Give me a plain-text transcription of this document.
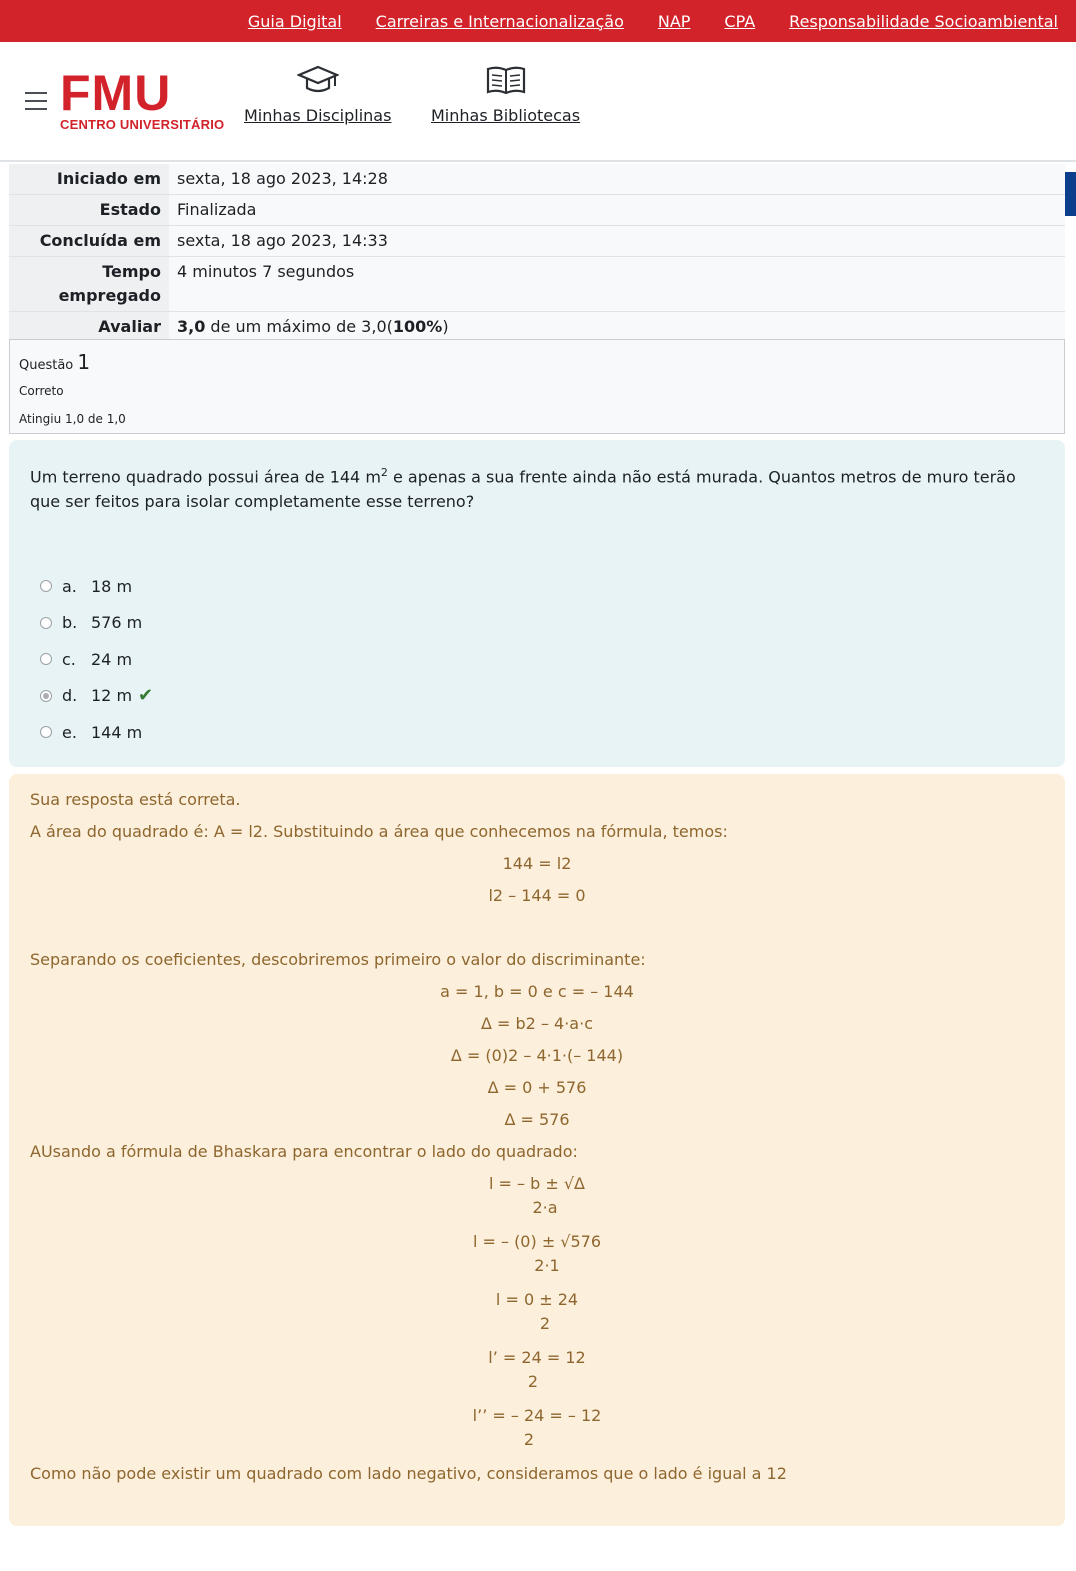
Guia Digital Carreiras e Internacionalização NAP CPA Responsabilidade Socioambiental
FMU
CENTRO UNIVERSITÁRIO Minhas Disciplinas Minhas Bibliotecas
Iniciado em	sexta, 18 ago 2023, 14:28
Estado	Finalizada
Concluída em	sexta, 18 ago 2023, 14:33
Tempo empregado	4 minutos 7 segundos
Avaliar	3,0 de um máximo de 3,0(100%)
Questão 1
Correto
Atingiu 1,0 de 1,0
Um terreno quadrado possui área de 144 $m^2$ e apenas a sua frente ainda não está murada. Quantos metros de muro terão que ser feitos para isolar completamente esse terreno?
a. 18 m
b. 576 m
c. 24 m
d. 12 m ✔
e. 144 m

Sua resposta está correta.

A área do quadrado é: A = l2. Substituindo a área que conhecemos na fórmula, temos:

144 = l2
l2 – 144 = 0

Separando os coeficientes, descobriremos primeiro o valor do discriminante:

a = 1, b = 0 e c = – 144
Δ = b2 – 4·a·c
Δ = (0)2 – 4·1·(– 144)
Δ = 0 + 576
Δ = 576

AUsando a fórmula de Bhaskara para encontrar o lado do quadrado:

l = – b ± √Δ
2·a
l = – (0) ± √576
2·1
l = 0 ± 24
2
l’ = 24 = 12
2
l’’ = – 24 = – 12
2

Como não pode existir um quadrado com lado negativo, consideramos que o lado é igual a 12
